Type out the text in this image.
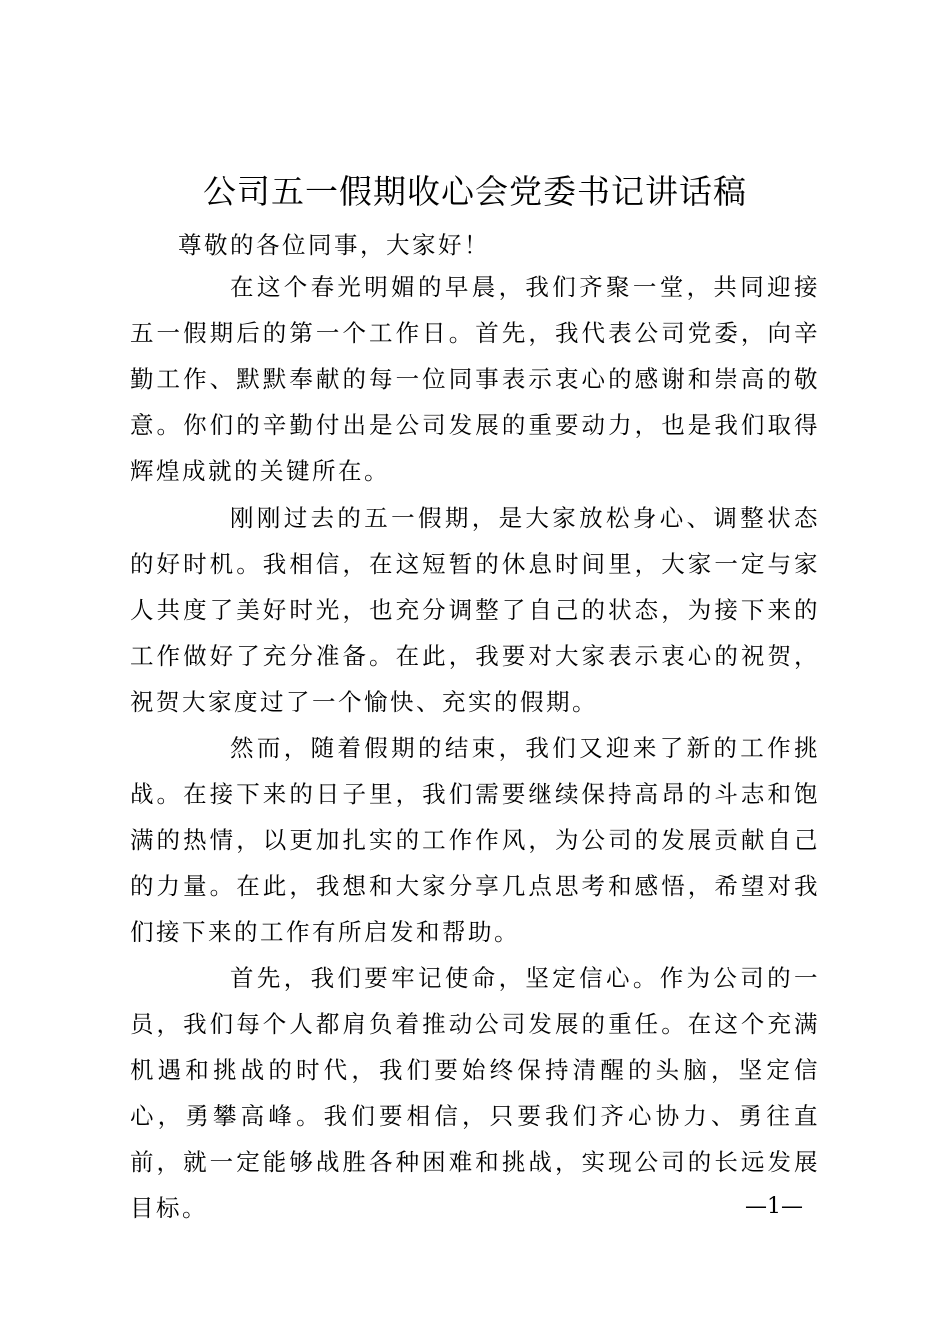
公司五一假期收心会党委书记讲话稿

尊敬的各位同事，大家好！

在这个春光明媚的早晨，我们齐聚一堂，共同迎接五一假期后的第一个工作日。首先，我代表公司党委，向辛勤工作、默默奉献的每一位同事表示衷心的感谢和崇高的敬意。你们的辛勤付出是公司发展的重要动力，也是我们取得辉煌成就的关键所在。

刚刚过去的五一假期，是大家放松身心、调整状态的好时机。我相信，在这短暂的休息时间里，大家一定与家人共度了美好时光，也充分调整了自己的状态，为接下来的工作做好了充分准备。在此，我要对大家表示衷心的祝贺，祝贺大家度过了一个愉快、充实的假期。

然而，随着假期的结束，我们又迎来了新的工作挑战。在接下来的日子里，我们需要继续保持高昂的斗志和饱满的热情，以更加扎实的工作作风，为公司的发展贡献自己的力量。在此，我想和大家分享几点思考和感悟，希望对我们接下来的工作有所启发和帮助。

首先，我们要牢记使命，坚定信心。作为公司的一员，我们每个人都肩负着推动公司发展的重任。在这个充满机遇和挑战的时代，我们要始终保持清醒的头脑，坚定信心，勇攀高峰。我们要相信，只要我们齐心协力、勇往直前，就一定能够战胜各种困难和挑战，实现公司的长远发展目标。	—1—
